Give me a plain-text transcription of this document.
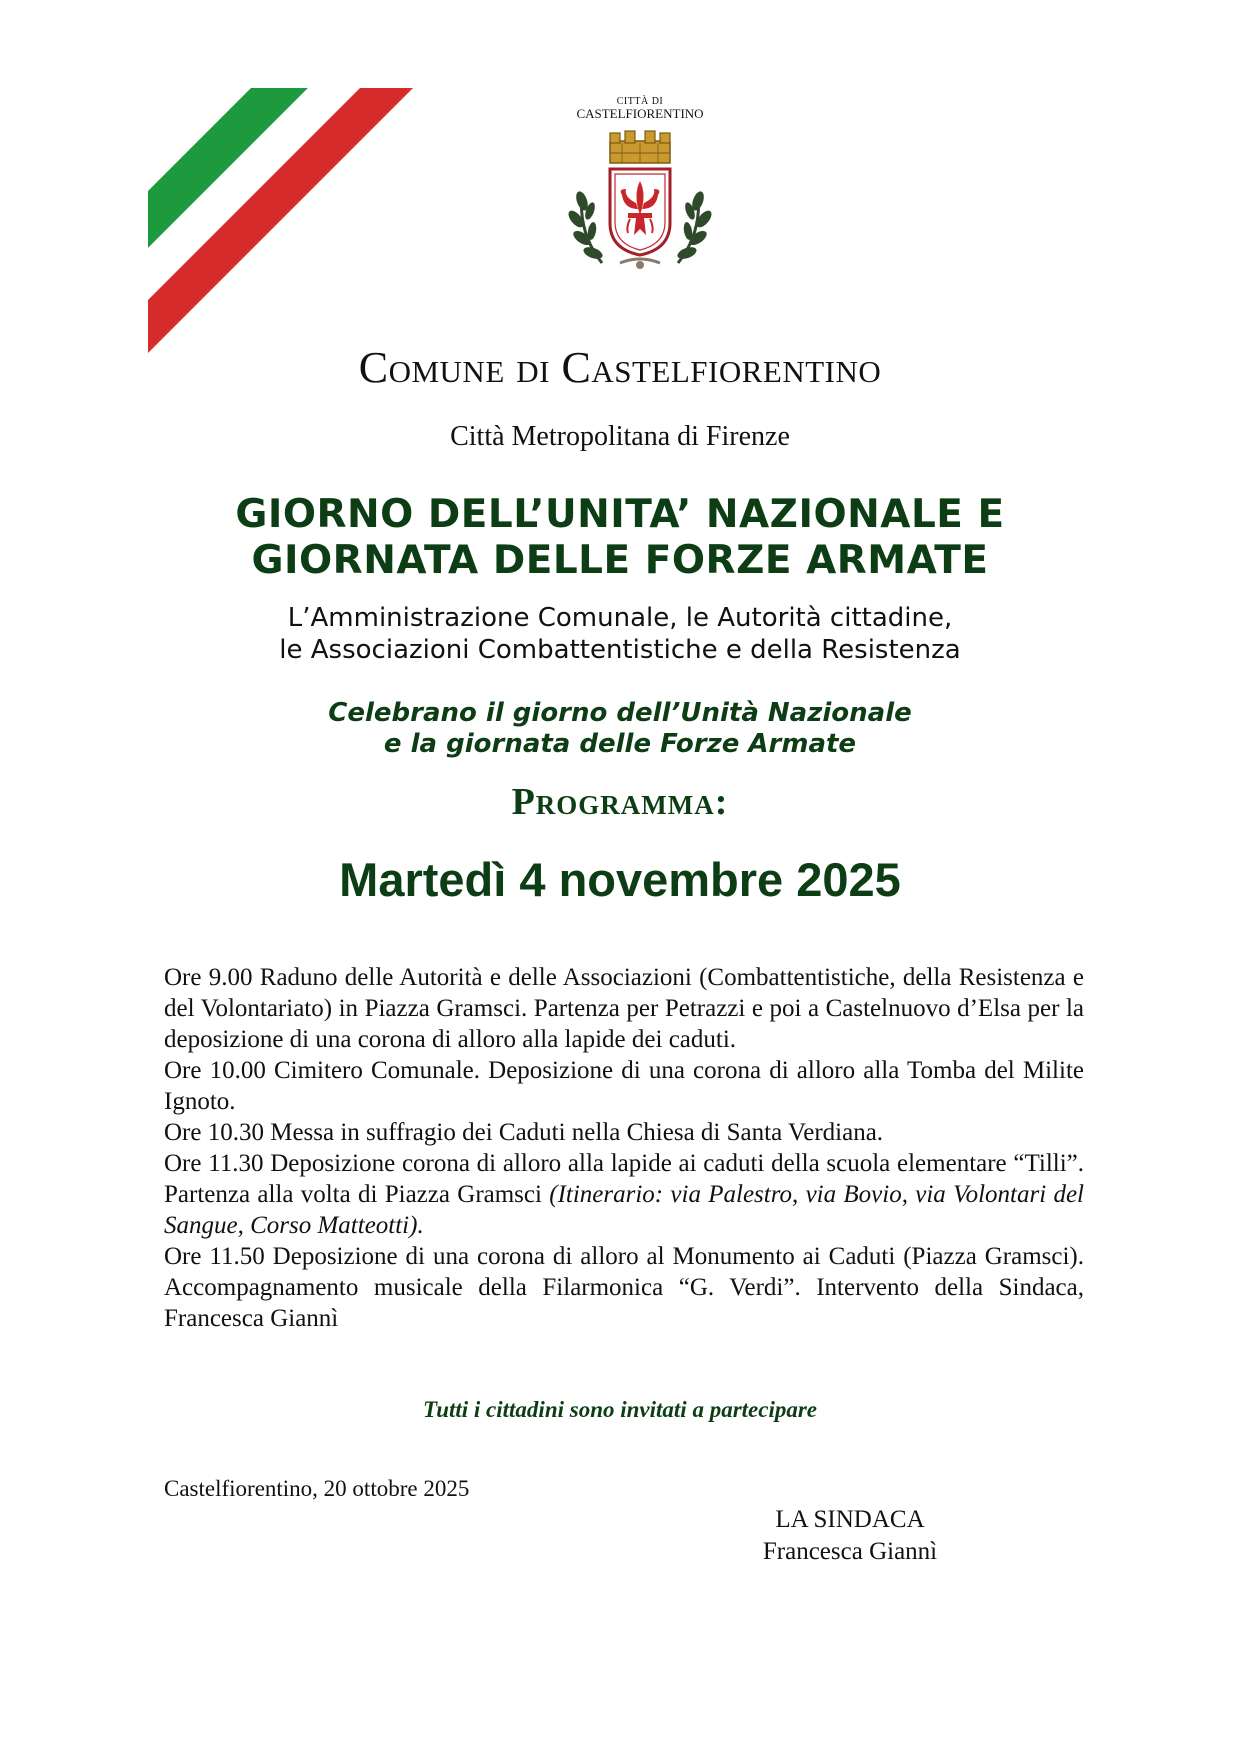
CITTÀ DI
CASTELFIORENTINO
Comune di Castelfiorentino
Città Metropolitana di Firenze
GIORNO DELL’UNITA’ NAZIONALE E
GIORNATA DELLE FORZE ARMATE
L’Amministrazione Comunale, le Autorità cittadine,
le Associazioni Combattentistiche e della Resistenza
Celebrano il giorno dell’Unità Nazionale
e la giornata delle Forze Armate
Programma:
Martedì 4 novembre 2025

Ore 9.00 Raduno delle Autorità e delle Associazioni (Combattentistiche, della Resistenza e del Volontariato) in Piazza Gramsci. Partenza per Petrazzi e poi a Castelnuovo d’Elsa per la deposizione di una corona di alloro alla lapide dei caduti.

Ore 10.00 Cimitero Comunale. Deposizione di una corona di alloro alla Tomba del Milite Ignoto.

Ore 10.30 Messa in suffragio dei Caduti nella Chiesa di Santa Verdiana.

Ore 11.30 Deposizione corona di alloro alla lapide ai caduti della scuola elementare “Tilli”. Partenza alla volta di Piazza Gramsci (Itinerario: via Palestro, via Bovio, via Volontari del Sangue, Corso Matteotti).

Ore 11.50 Deposizione di una corona di alloro al Monumento ai Caduti (Piazza Gramsci). Accompagnamento musicale della Filarmonica “G. Verdi”. Intervento della Sindaca, Francesca Giannì

Tutti i cittadini sono invitati a partecipare
Castelfiorentino, 20 ottobre 2025
LA SINDACA
Francesca Giannì
